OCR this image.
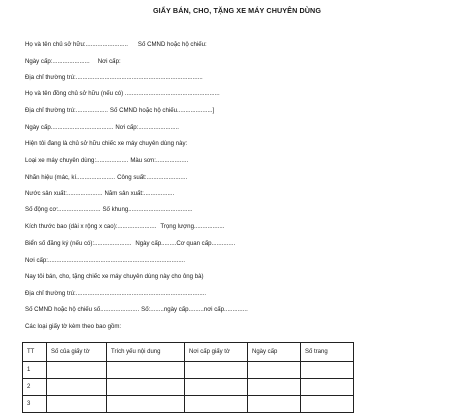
GIẤY BÁN, CHO, TẶNG XE MÁY CHUYÊN DÙNG
Họ và tên chủ sở hữu:......................... Số CMND hoặc hộ chiếu:
Ngày cấp:...................... Nơi cấp:
Địa chỉ thường trú:...........................................................................
Họ và tên đồng chủ sở hữu (nếu có) ........................................................
Địa chỉ thường trú:................... Số CMND hoặc hộ chiếu.....................]
Ngày cấp..................................... Nơi cấp:........................
Hiện tôi đang là chủ sở hữu chiếc xe máy chuyên dùng này:
Loại xe máy chuyên dùng:................... Màu sơn:...................
Nhãn hiệu (mác, kí....................... Công suất:........................
Nước sản xuất:..................... Năm sản xuất:..................
Số động cơ:......................... Số khung......................................
Kích thước bao (dài x rộng x cao):....................... Trọng lượng..................
Biển số đăng ký (nếu có):...................... Ngày cấp.........Cơ quan cấp..............
Nơi cấp:.................................................................................
Nay tôi bán, cho, tặng chiếc xe máy chuyên dùng này cho ông bà)
Địa chỉ thường trú:.............................................................................
Số CMND hoặc hộ chiếu số....................... Số:........ngày cấp.........nơi cấp..............
Các loại giấy tờ kèm theo bao gồm:
TT	Số của giấy tờ	Trích yếu nội dung	Nơi cấp giấy tờ	Ngày cấp	Số trang
1					
2					
3					
